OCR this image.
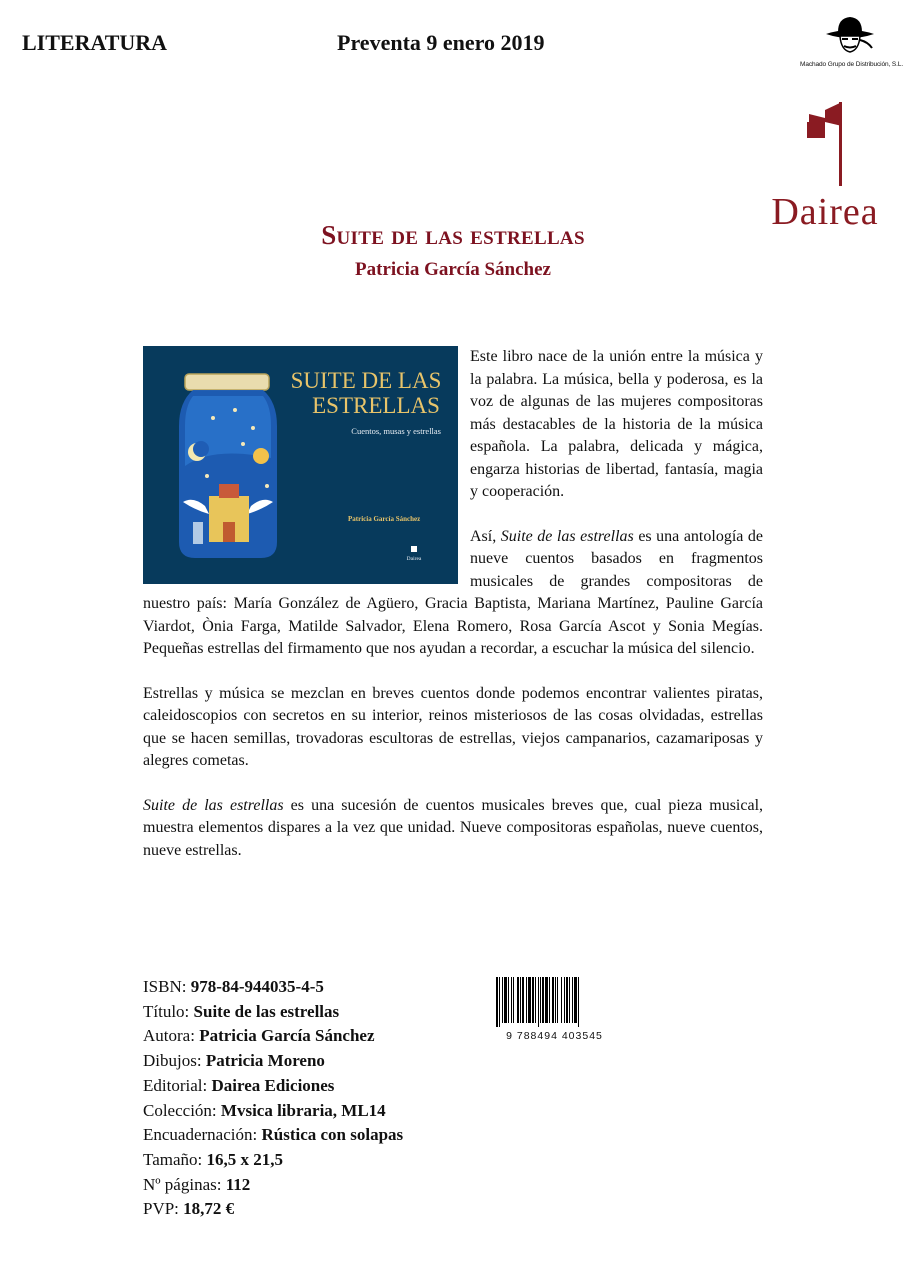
LITERATURA	Preventa 9 enero 2019
Machado Grupo de Distribución, S.L.
Dairea
Suite de las estrellas
Patricia García Sánchez

Este libro nace de la unión entre la música y la palabra. La música, bella y poderosa, es la voz de algunas de las mujeres compositoras más destacables de la historia de la música española. La palabra, delicada y mágica, engarza historias de libertad, fantasía, magia y cooperación.

Así, Suite de las estrellas es una antología de nueve cuentos basados en fragmentos musicales de grandes compositoras de nuestro país: María González de Agüero, Gracia Baptista, Mariana Martínez, Pauline García Viardot, Ònia Farga, Matilde Salvador, Elena Romero, Rosa García Ascot y Sonia Megías. Pequeñas estrellas del firmamento que nos ayudan a recordar, a escuchar la música del silencio.

Estrellas y música se mezclan en breves cuentos donde podemos encontrar valientes piratas, caleidoscopios con secretos en su interior, reinos misteriosos de las cosas olvidadas, estrellas que se hacen semillas, trovadoras escultoras de estrellas, viejos campanarios, cazamariposas y alegres cometas.

Suite de las estrellas es una sucesión de cuentos musicales breves que, cual pieza musical, muestra elementos dispares a la vez que unidad. Nueve compositoras españolas, nueve cuentos, nueve estrellas.

SUITE DE LAS
ESTRELLAS
Cuentos, musas y estrellas
Patricia García Sánchez
Dairea
ISBN: 978-84-944035-4-5
Título: Suite de las estrellas
Autora: Patricia García Sánchez
Dibujos: Patricia Moreno
Editorial: Dairea Ediciones
Colección: Mvsica libraria, ML14
Encuadernación: Rústica con solapas
Tamaño: 16,5 x 21,5
Nº páginas: 112
PVP: 18,72 €
9 788494 403545
